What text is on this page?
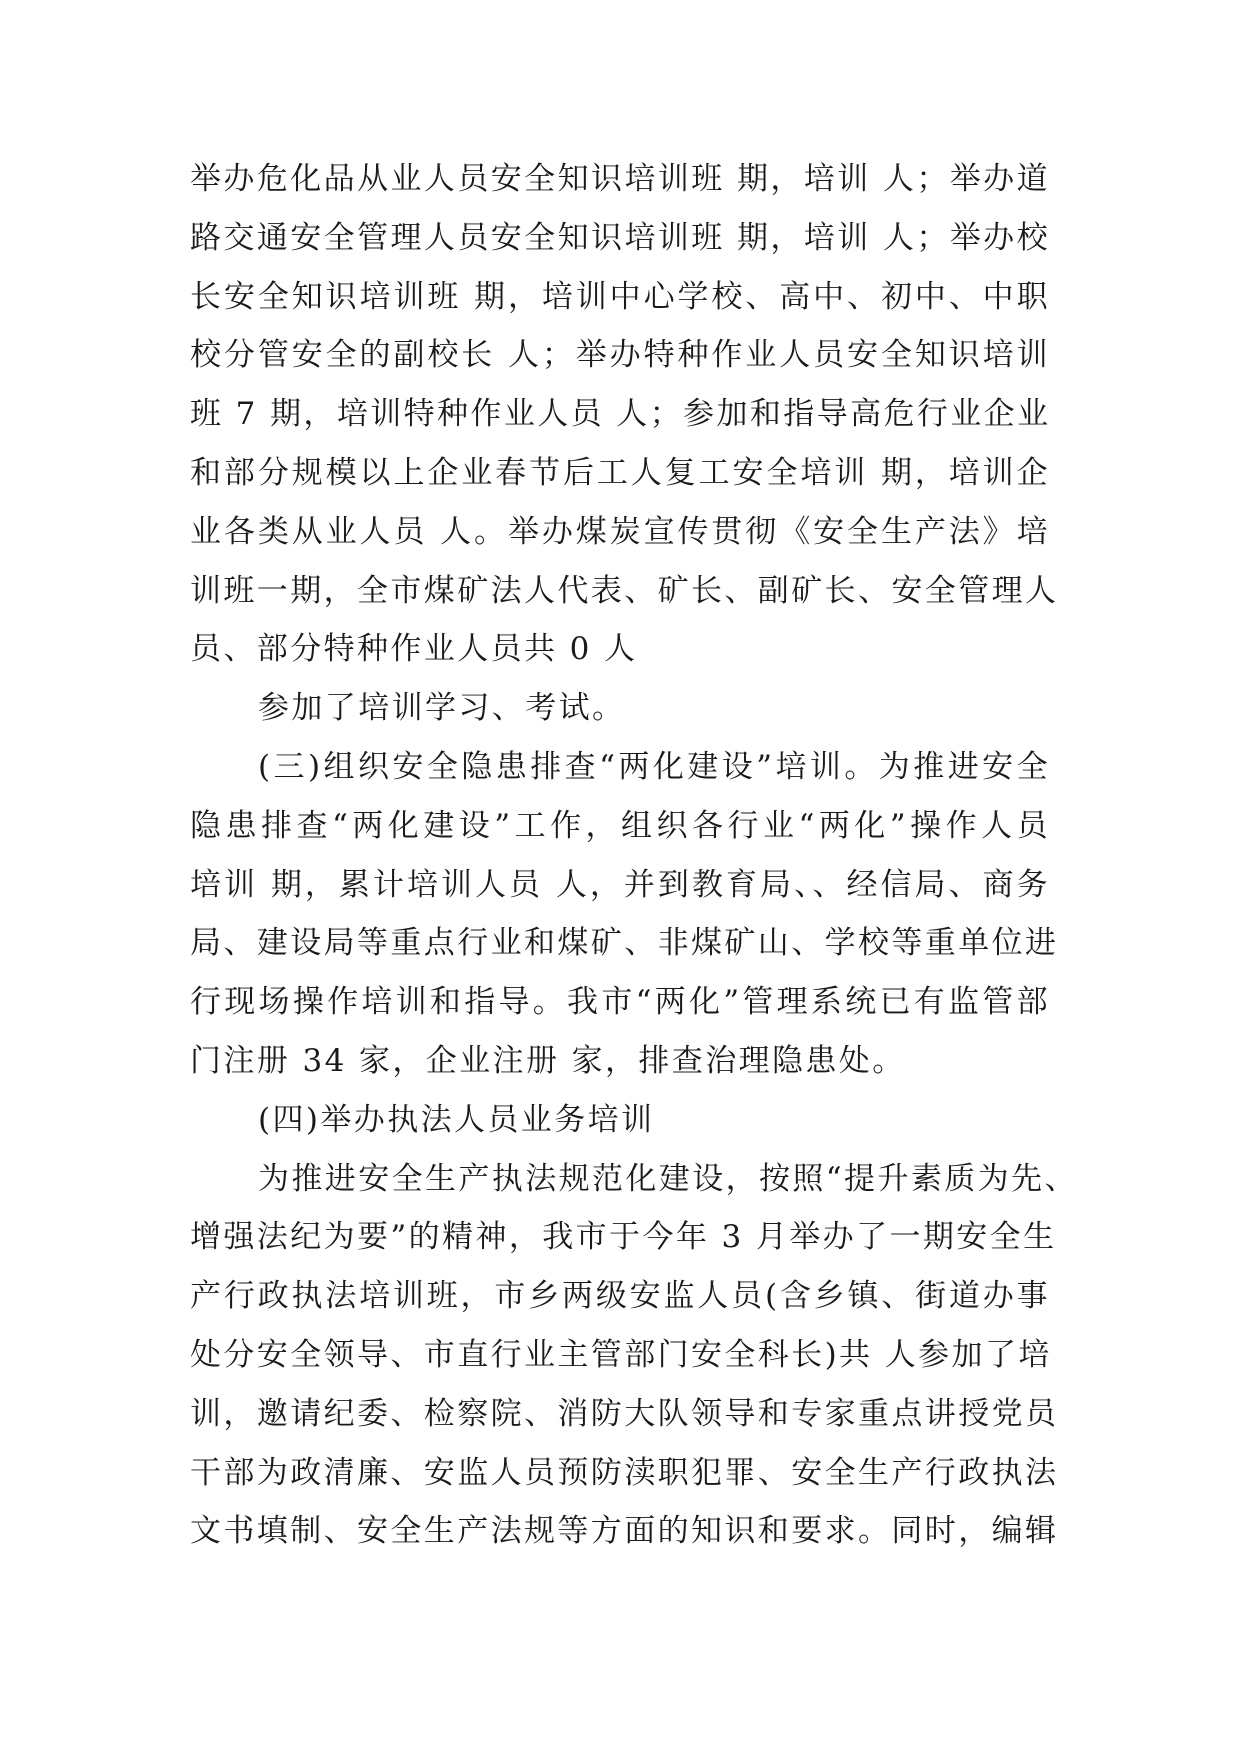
举办危化品从业人员安全知识培训班 期，培训 人；举办道
路交通安全管理人员安全知识培训班 期，培训 人；举办校
长安全知识培训班 期，培训中心学校、高中、初中、中职
校分管安全的副校长 人；举办特种作业人员安全知识培训
班 7 期，培训特种作业人员 人；参加和指导高危行业企业
和部分规模以上企业春节后工人复工安全培训 期，培训企
业各类从业人员 人。举办煤炭宣传贯彻《安全生产法》培
训班一期，全市煤矿法人代表、矿长、副矿长、安全管理人
员、部分特种作业人员共 0 人
参加了培训学习、考试。
(三)组织安全隐患排查“两化建设”培训。为推进安全
隐患排查“两化建设”工作，组织各行业“两化”操作人员
培训 期，累计培训人员 人，并到教育局、、经信局、商务
局、建设局等重点行业和煤矿、非煤矿山、学校等重单位进
行现场操作培训和指导。我市“两化”管理系统已有监管部
门注册 34 家，企业注册 家，排查治理隐患处。
(四)举办执法人员业务培训
为推进安全生产执法规范化建设，按照“提升素质为先、
增强法纪为要”的精神，我市于今年 3 月举办了一期安全生
产行政执法培训班，市乡两级安监人员(含乡镇、街道办事
处分安全领导、市直行业主管部门安全科长)共 人参加了培
训，邀请纪委、检察院、消防大队领导和专家重点讲授党员
干部为政清廉、安监人员预防渎职犯罪、安全生产行政执法
文书填制、安全生产法规等方面的知识和要求。同时，编辑
